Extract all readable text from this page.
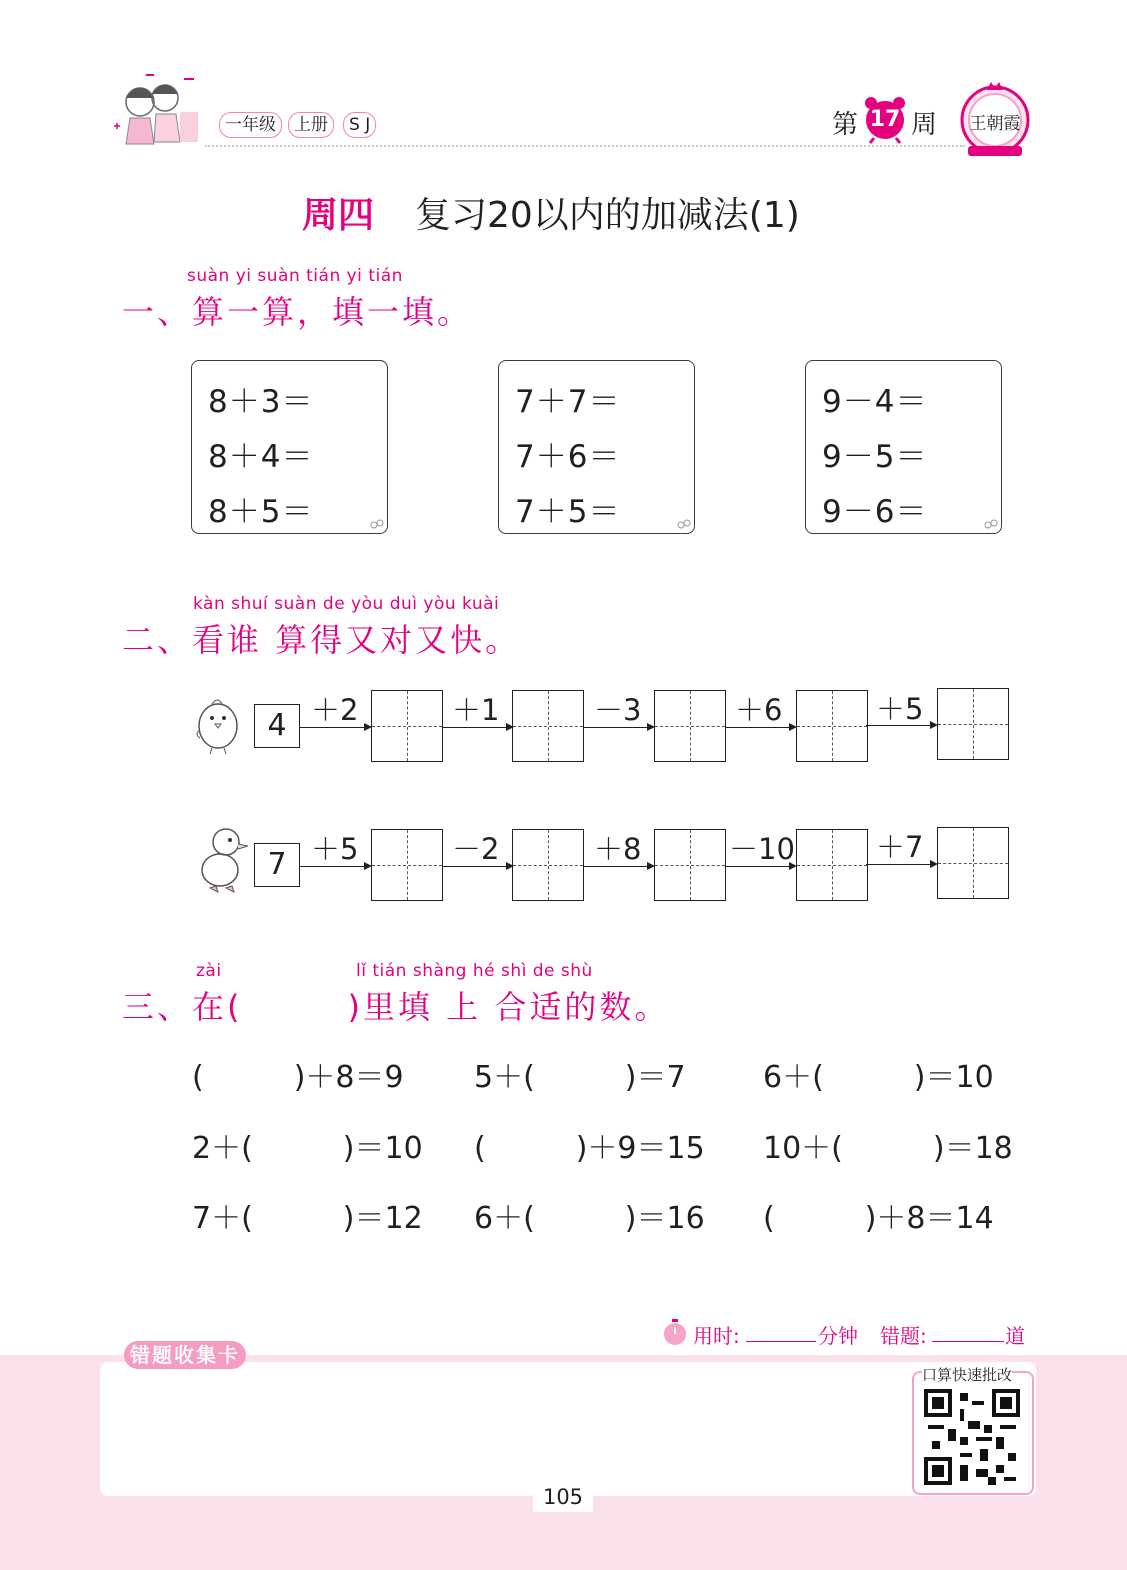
一年级	上册	S J	第 17 周 王朝霞
周四 复习20以内的加减法(1)
suàn yi suàn tián yi tián
一、算一算，填一填。
8＋3＝
8＋4＝
8＋5＝
7＋7＝
7＋6＝
7＋5＝
9－4＝
9－5＝
9－6＝
kàn shuí suàn de yòu duì yòu kuài
二、看谁 算得又对又快。
4 ＋2	＋1	－3	＋6	＋5
7 ＋5	－2	＋8	－10	＋7
zài	lǐ tián shàng hé shì de shù
三、在(　　　)里填 上 合适的数。
(　　　)＋8＝9 5＋(　　　)＝7	6＋(　　　)＝10
2＋(　　　)＝10 (　　　)＋9＝15 10＋(　　　)＝18
7＋(　　　)＝12 6＋(　　　)＝16 (　　　)＋8＝14
错题收集卡
用时:	分钟 错题:	道
口算快速批改
105
